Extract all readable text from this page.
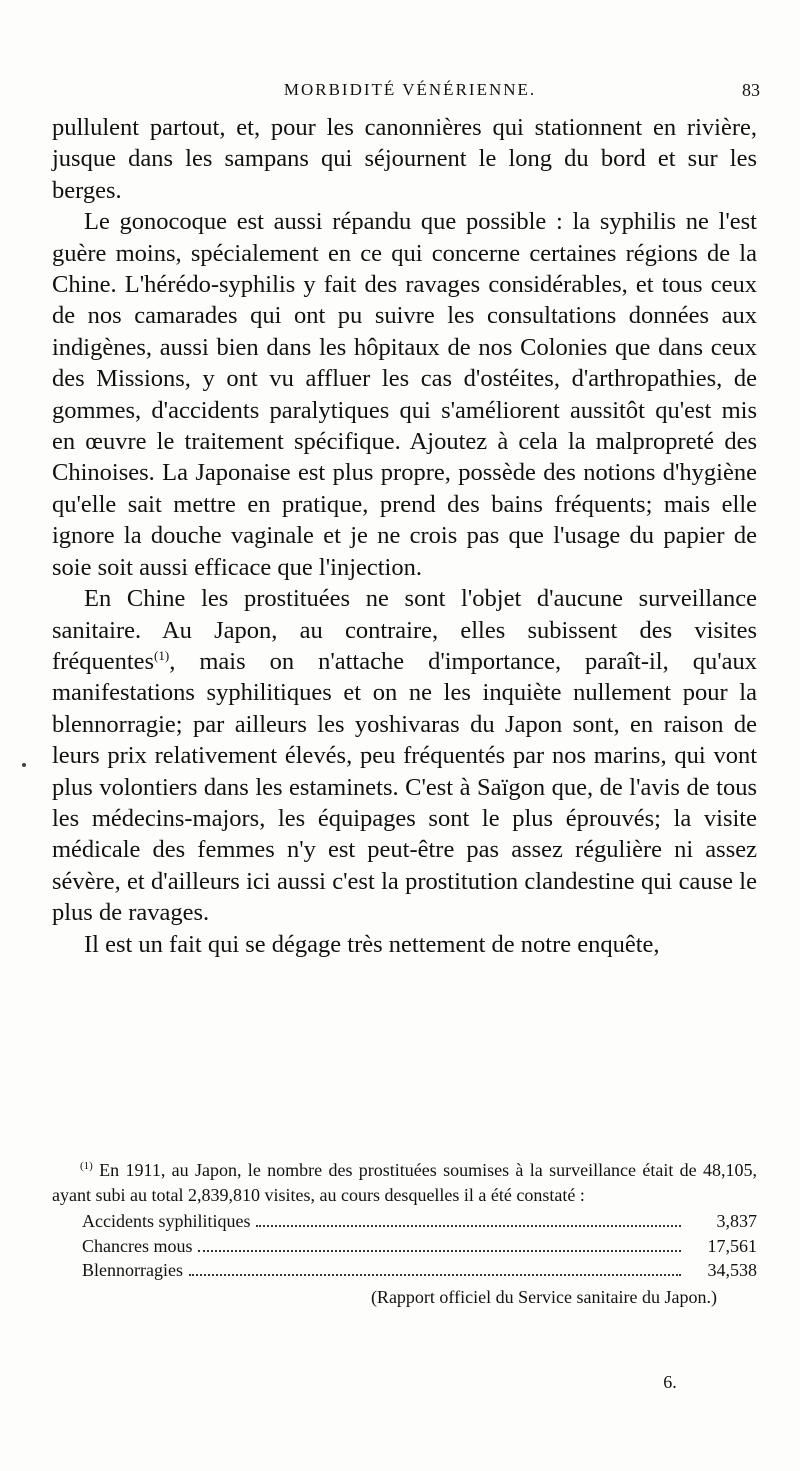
MORBIDITÉ VÉNÉRIENNE.	83

pullulent partout, et, pour les canonnières qui stationnent en rivière, jusque dans les sampans qui séjournent le long du bord et sur les berges.

Le gonocoque est aussi répandu que possible : la syphilis ne l'est guère moins, spécialement en ce qui concerne certaines régions de la Chine. L'hérédo-syphilis y fait des ravages considérables, et tous ceux de nos camarades qui ont pu suivre les consultations données aux indigènes, aussi bien dans les hôpitaux de nos Colonies que dans ceux des Missions, y ont vu affluer les cas d'ostéites, d'arthropathies, de gommes, d'accidents paralytiques qui s'améliorent aussitôt qu'est mis en œuvre le traitement spécifique. Ajoutez à cela la malpropreté des Chinoises. La Japonaise est plus propre, possède des notions d'hygiène qu'elle sait mettre en pratique, prend des bains fréquents; mais elle ignore la douche vaginale et je ne crois pas que l'usage du papier de soie soit aussi efficace que l'injection.

En Chine les prostituées ne sont l'objet d'aucune surveillance sanitaire. Au Japon, au contraire, elles subissent des visites fréquentes$^{(1)}$, mais on n'attache d'importance, paraît-il, qu'aux manifestations syphilitiques et on ne les inquiète nullement pour la blennorragie; par ailleurs les yoshivaras du Japon sont, en raison de leurs prix relativement élevés, peu fréquentés par nos marins, qui vont plus volontiers dans les estaminets. C'est à Saïgon que, de l'avis de tous les médecins-majors, les équipages sont le plus éprouvés; la visite médicale des femmes n'y est peut-être pas assez régulière ni assez sévère, et d'ailleurs ici aussi c'est la prostitution clandestine qui cause le plus de ravages.

Il est un fait qui se dégage très nettement de notre enquête,

$^{(1)}$ En 1911, au Japon, le nombre des prostituées soumises à la surveillance était de 48,105, ayant subi au total 2,839,810 visites, au cours desquelles il a été constaté :

Accidents syphilitiques	3,837
Chancres mous	17,561
Blennorragies	34,538
(Rapport officiel du Service sanitaire du Japon.)
6.
